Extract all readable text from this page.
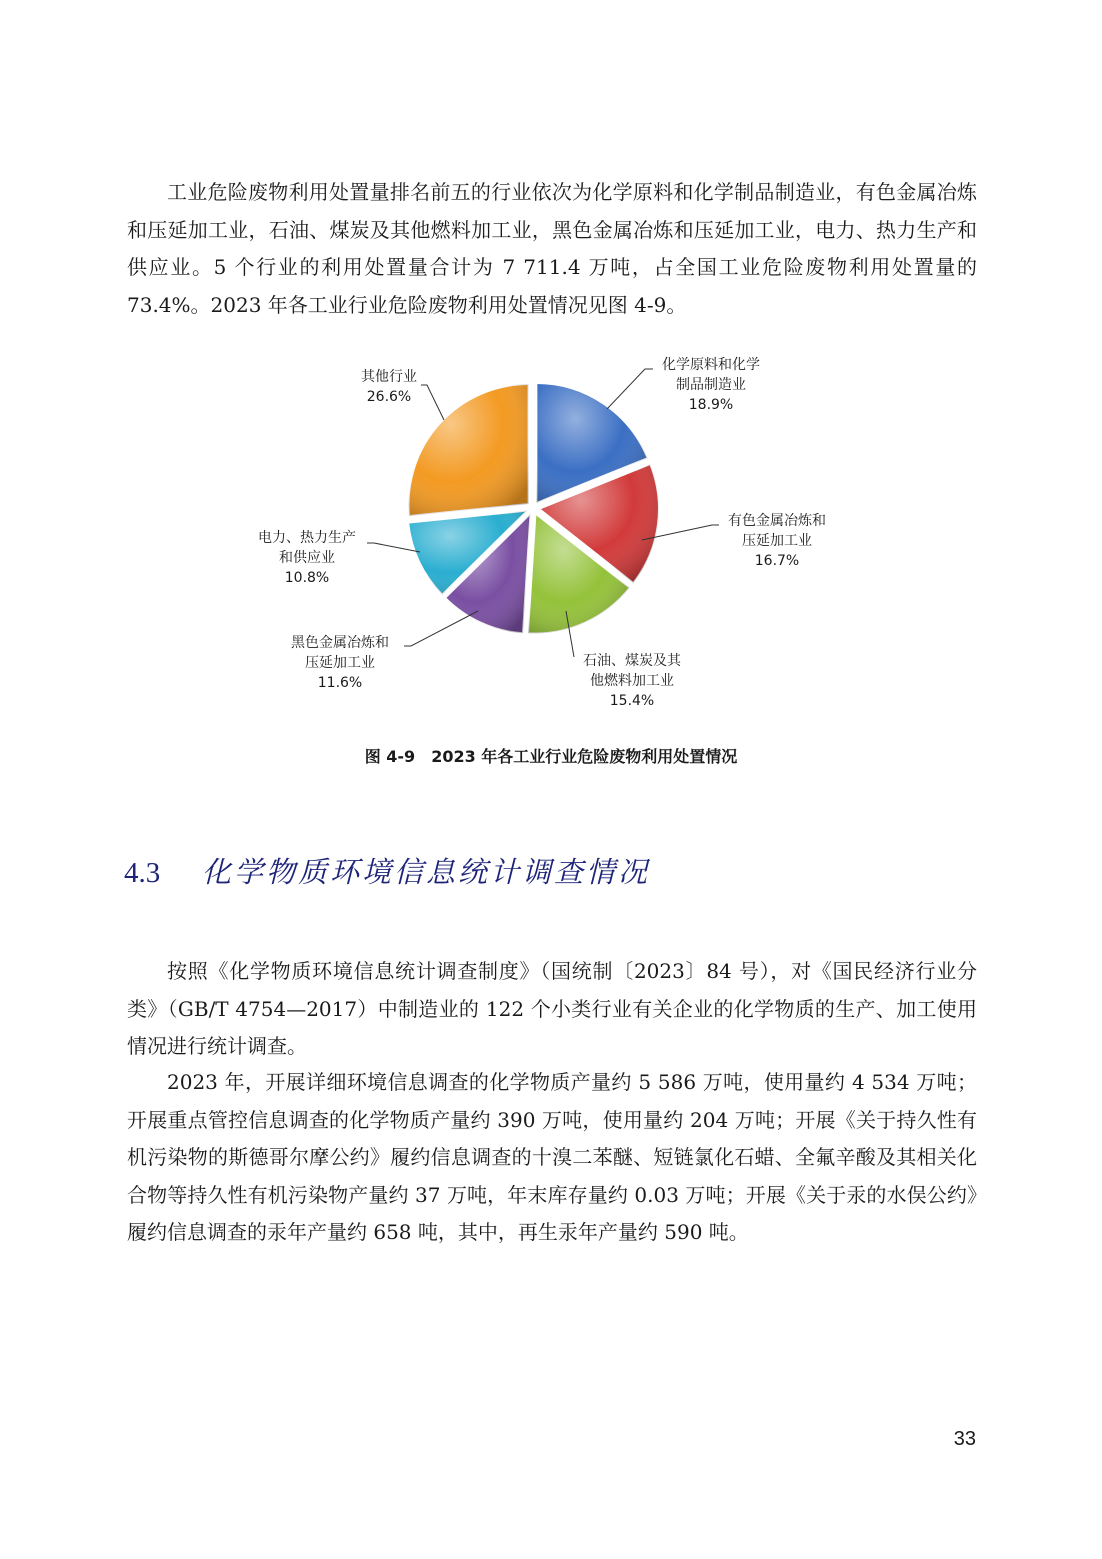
工业危险废物利用处置量排名前五的行业依次为化学原料和化学制品制造业，有色金属冶炼和压延加工业，石油、煤炭及其他燃料加工业，黑色金属冶炼和压延加工业，电力、热力生产和供应业。5 个行业的利用处置量合计为 7 711.4 万吨，占全国工业危险废物利用处置量的 73.4%。2023 年各工业行业危险废物利用处置情况见图 4-9。

化学原料和化学
制品制造业
18.9%
有色金属冶炼和
压延加工业
16.7%
石油、煤炭及其
他燃料加工业
15.4%
黑色金属冶炼和
压延加工业
11.6%
电力、热力生产
和供应业
10.8%
其他行业
26.6%

图 4-9 2023 年各工业行业危险废物利用处置情况

4.3 化学物质环境信息统计调查情况

按照《化学物质环境信息统计调查制度》（国统制〔2023〕84 号），对《国民经济行业分类》（GB/T 4754—2017）中制造业的 122 个小类行业有关企业的化学物质的生产、加工使用情况进行统计调查。

2023 年，开展详细环境信息调查的化学物质产量约 5 586 万吨，使用量约 4 534 万吨；开展重点管控信息调查的化学物质产量约 390 万吨，使用量约 204 万吨；开展《关于持久性有机污染物的斯德哥尔摩公约》履约信息调查的十溴二苯醚、短链氯化石蜡、全氟辛酸及其相关化合物等持久性有机污染物产量约 37 万吨，年末库存量约 0.03 万吨；开展《关于汞的水俣公约》履约信息调查的汞年产量约 658 吨，其中，再生汞年产量约 590 吨。

33
